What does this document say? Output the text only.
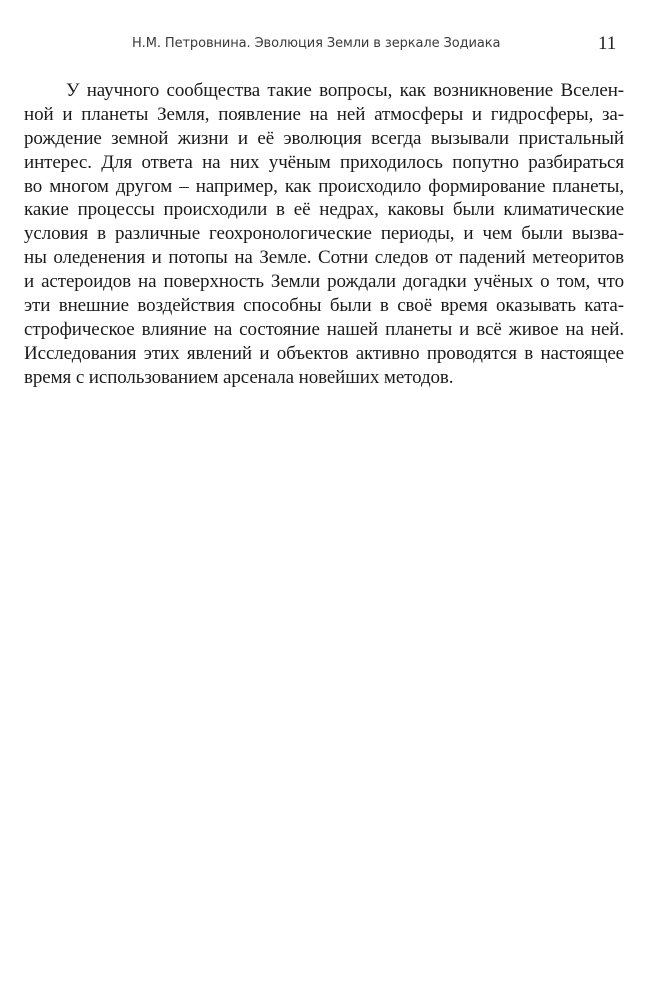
Н.М. Петровнина. Эволюция Земли в зеркале Зодиака	11
У научного сообщества такие вопросы, как возникновение Вселен-
ной и планеты Земля, появление на ней атмосферы и гидросферы, за-
рождение земной жизни и её эволюция всегда вызывали пристальный
интерес. Для ответа на них учёным приходилось попутно разбираться
во многом другом – например, как происходило формирование планеты,
какие процессы происходили в её недрах, каковы были климатические
условия в различные геохронологические периоды, и чем были вызва-
ны оледенения и потопы на Земле. Сотни следов от падений метеоритов
и астероидов на поверхность Земли рождали догадки учёных о том, что
эти внешние воздействия способны были в своё время оказывать ката-
строфическое влияние на состояние нашей планеты и всё живое на ней.
Исследования этих явлений и объектов активно проводятся в настоящее
время с использованием арсенала новейших методов.
